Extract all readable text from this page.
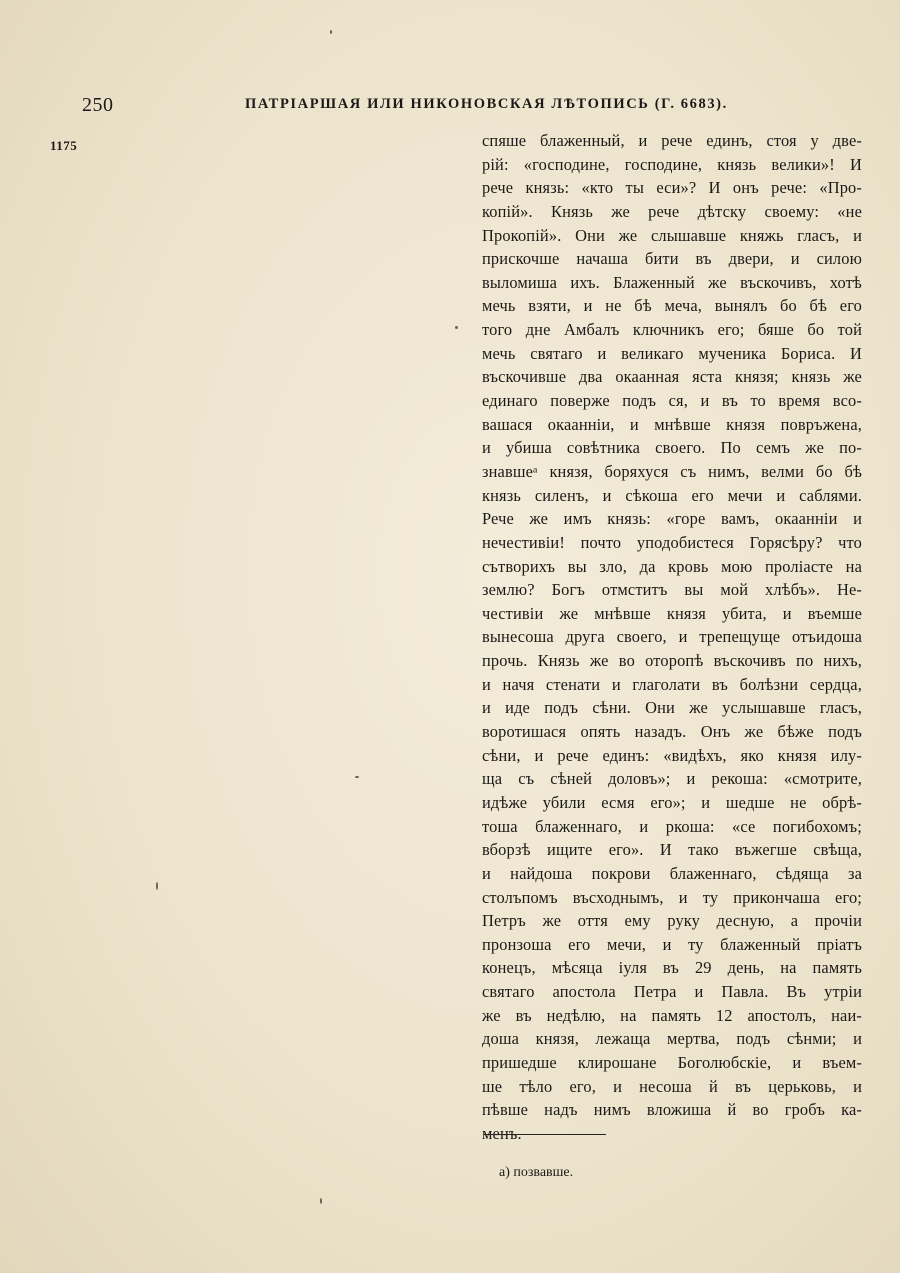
250	ПАТРІАРШАЯ ИЛИ НИКОНОВСКАЯ ЛѢТОПИСЬ (Г. 6683).
1175	спяше блаженный, и рече единъ, стоя у две-
рій: «господине, господине, князь велики»! И
рече князь: «кто ты еси»? И онъ рече: «Про-
копій». Князь же рече дѣтску своему: «не
Прокопій». Они же слышавше княжь гласъ, и
прискочше начаша бити въ двери, и силою
выломиша ихъ. Блаженный же въскочивъ, хотѣ
мечь взяти, и не бѣ меча, вынялъ бо бѣ его
того дне Амбалъ ключникъ его; бяше бо той
мечь святаго и великаго мученика Бориса. И
въскочивше два окаанная яста князя; князь же
единаго поверже подъ ся, и въ то время вco-
вашася окаанніи, и мнѣвше князя повръжена,
и убиша совѣтника своего. По семъ же по-
знавшеᵃ князя, боряхуся съ нимъ, велми бо бѣ
князь силенъ, и сѣкоша его мечи и саблями.
Рече же имъ князь: «горе вамъ, окаанніи и
нечестивіи! почто уподобистеся Горясѣру? что
сътворихъ вы зло, да кровь мою проліасте на
землю? Богъ отмститъ вы мой хлѣбъ». Не-
честивіи же мнѣвше князя убита, и въемше
вынесоша друга своего, и трепещуще отъидоша
прочь. Князь же во оторопѣ въскочивъ по нихъ,
и начя стенати и глаголати въ болѣзни сердца,
и иде подъ сѣни. Они же услышавше гласъ,
воротишася опять назадъ. Онъ же бѣже подъ
сѣни, и рече единъ: «видѣхъ, яко князя илу-
ща съ сѣней доловъ»; и рекоша: «смотрите,
идѣже убили есмя его»; и шедше не обрѣ-
тоша блаженнаго, и ркоша: «се погибохомъ;
вборзѣ ищите его». И тако въжегше свѣща,
и найдоша покрови блаженнаго, сѣдяща за
столъпомъ въсходнымъ, и ту прикончаша его;
Петръ же оття ему руку десную, а прочіи
пронзоша его мечи, и ту блаженный пріатъ
конецъ, мѣсяца іуля въ 29 день, на память
святаго апостола Петра и Павла. Въ утріи
же въ недѣлю, на память 12 апостолъ, наи-
доша князя, лежаща мертва, подъ сѣнми; и
пришедше клирошане Боголюбскіе, и въем-
ше тѣло его, и несоша й въ церьковь, и
пѣвше надъ нимъ вложиша й во гробъ ка-
менъ.
а) позвавше.
